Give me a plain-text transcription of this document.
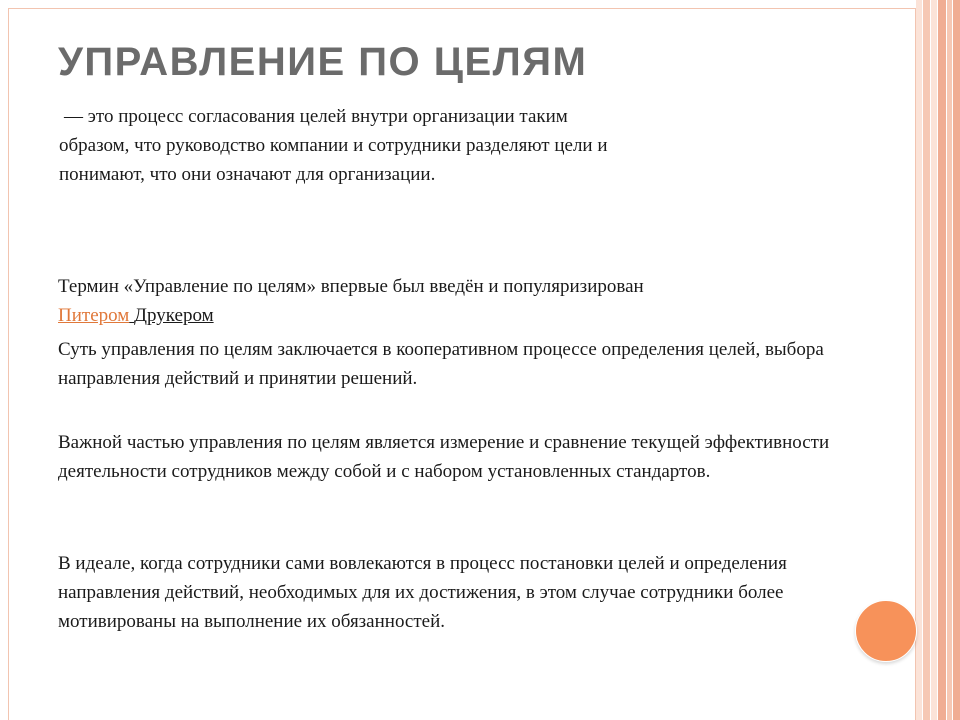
УПРАВЛЕНИЕ ПО ЦЕЛЯМ

— это процесс согласования целей внутри организации таким образом, что руководство компании и сотрудники разделяют цели и понимают, что они означают для организации.

Термин «Управление по целям» впервые был введён и популяризирован
Питером Друкером

Суть управления по целям заключается в кооперативном процессе определения целей, выбора направления действий и принятии решений.

Важной частью управления по целям является измерение и сравнение текущей эффективности деятельности сотрудников между собой и с набором установленных стандартов.

В идеале, когда сотрудники сами вовлекаются в процесс постановки целей и определения направления действий, необходимых для их достижения, в этом случае сотрудники более мотивированы на выполнение их обязанностей.
